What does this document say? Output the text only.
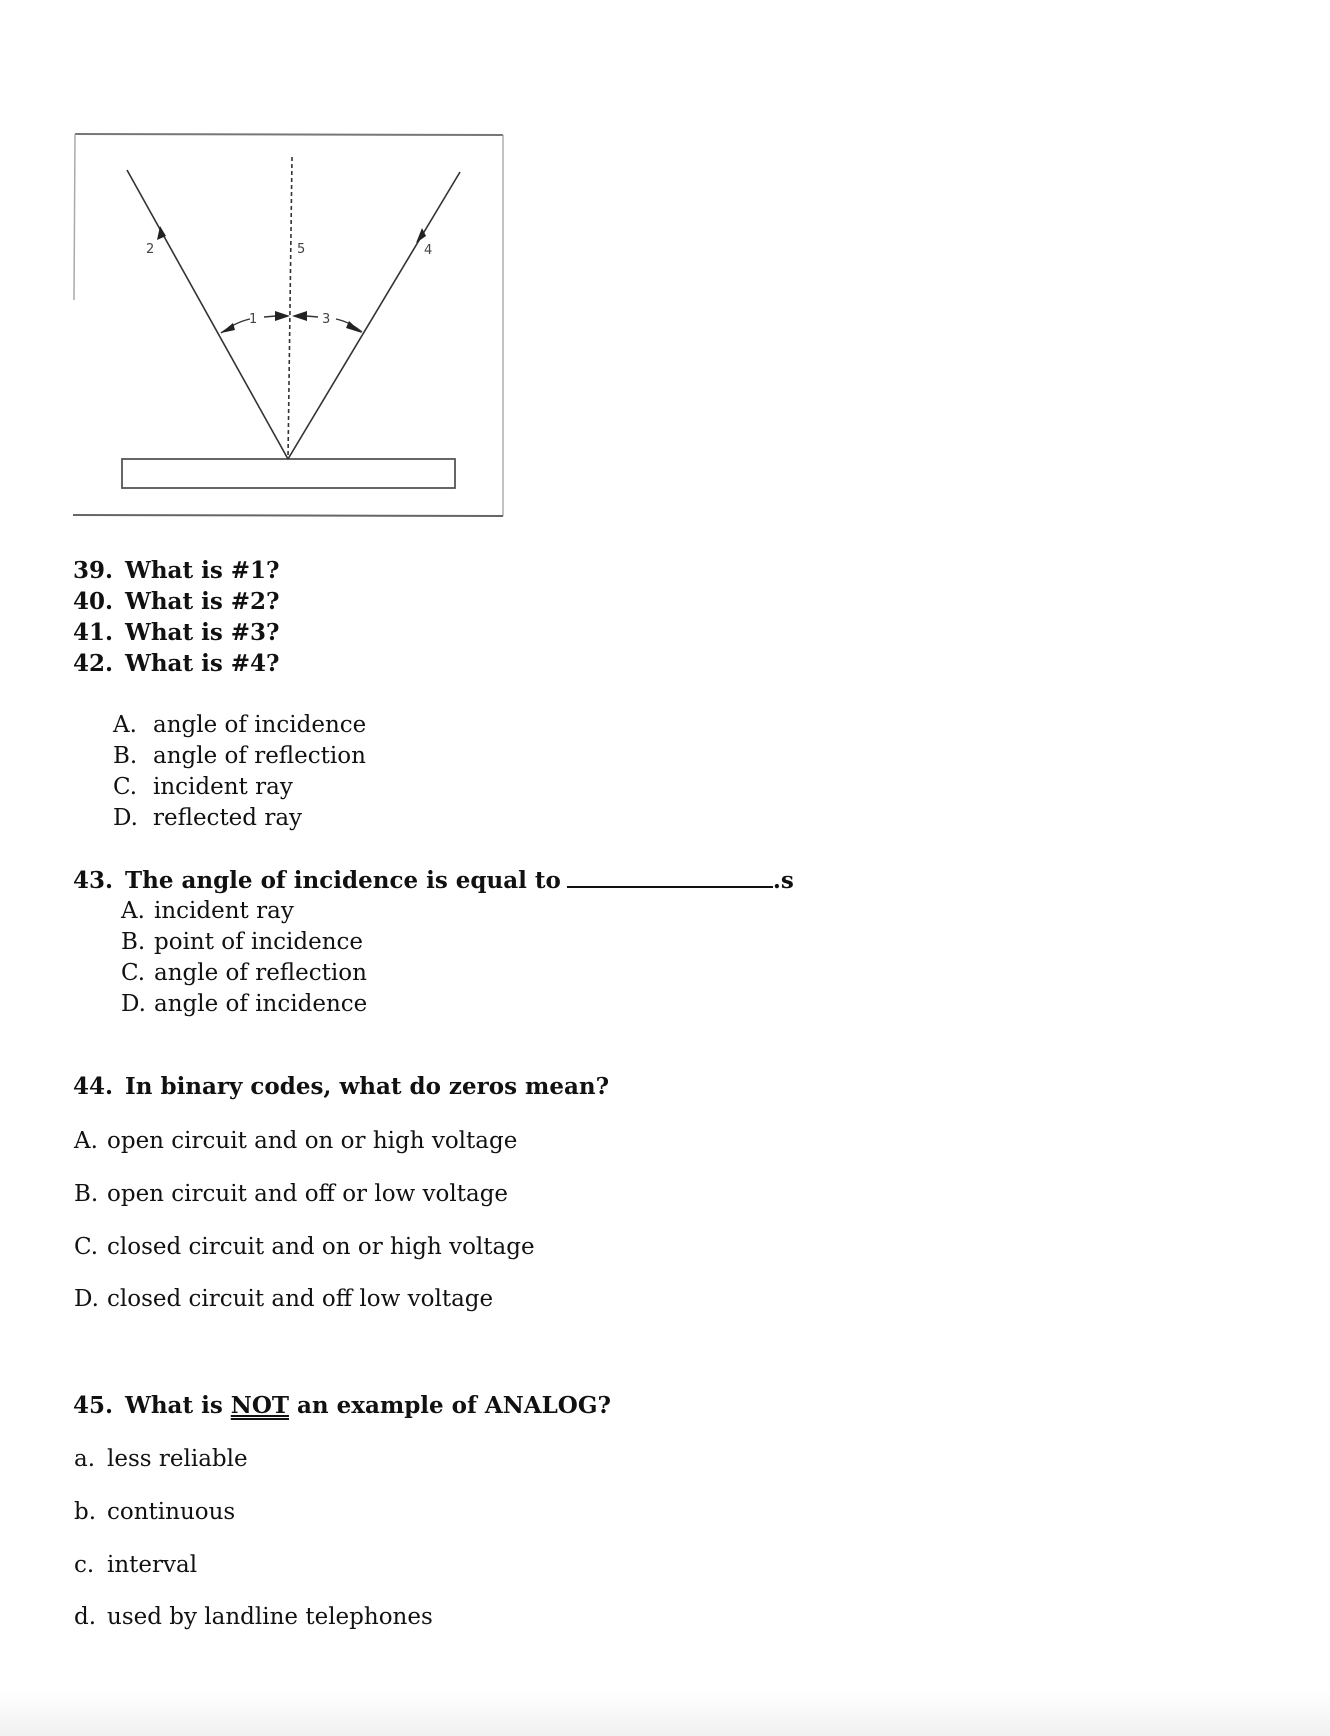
1
2
3
4
5
39. What is #1?
40. What is #2?
41. What is #3?
42. What is #4?
A. angle of incidence
B. angle of reflection
C. incident ray
D. reflected ray
43. The angle of incidence is equal to	.s
A. incident ray
B. point of incidence
C. angle of reflection
D. angle of incidence
44. In binary codes, what do zeros mean?
A. open circuit and on or high voltage
B. open circuit and off or low voltage
C. closed circuit and on or high voltage
D. closed circuit and off low voltage
45. What is NOT an example of ANALOG?
a. less reliable
b. continuous
c. interval
d. used by landline telephones
